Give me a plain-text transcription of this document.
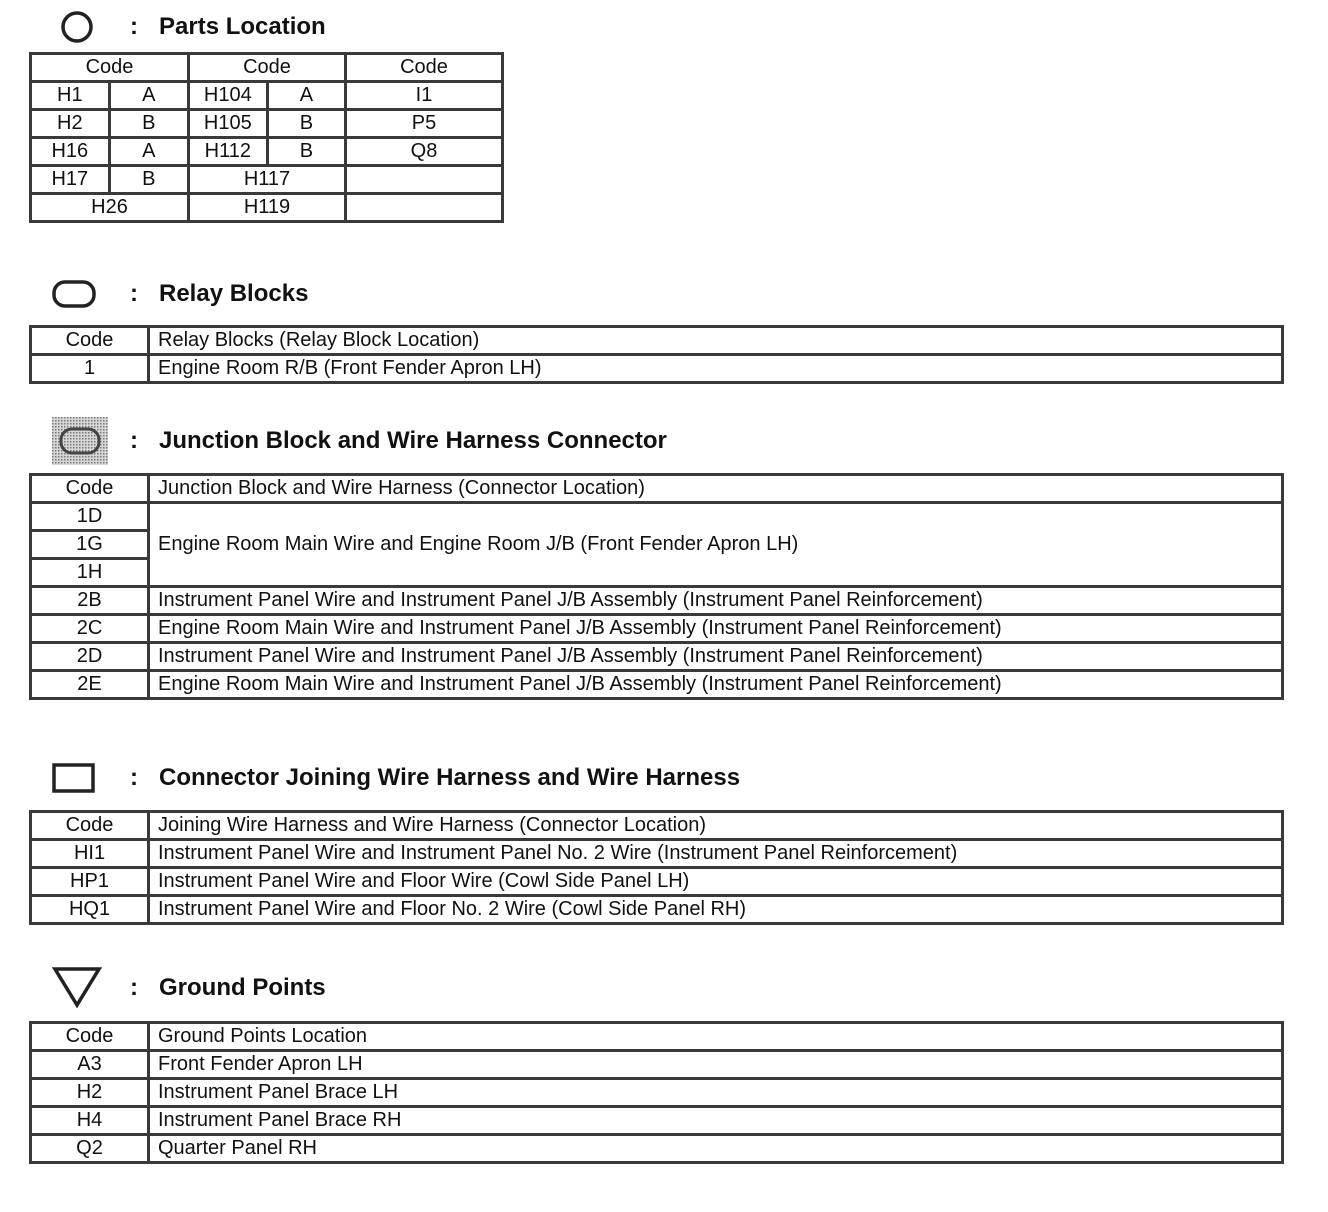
: Parts Location
Code		Code		Code
H1	A	H104	A	I1
H2	B	H105	B	P5
H16	A	H112	B	Q8
H17	B	H117		
H26		H119		
: Relay Blocks
Code	Relay Blocks (Relay Block Location)
1	Engine Room R/B (Front Fender Apron LH)
: Junction Block and Wire Harness Connector
Code	Junction Block and Wire Harness (Connector Location)
1D	Engine Room Main Wire and Engine Room J/B (Front Fender Apron LH)
1G	
1H	
2B	Instrument Panel Wire and Instrument Panel J/B Assembly (Instrument Panel Reinforcement)
2C	Engine Room Main Wire and Instrument Panel J/B Assembly (Instrument Panel Reinforcement)
2D	Instrument Panel Wire and Instrument Panel J/B Assembly (Instrument Panel Reinforcement)
2E	Engine Room Main Wire and Instrument Panel J/B Assembly (Instrument Panel Reinforcement)
: Connector Joining Wire Harness and Wire Harness
Code	Joining Wire Harness and Wire Harness (Connector Location)
HI1	Instrument Panel Wire and Instrument Panel No. 2 Wire (Instrument Panel Reinforcement)
HP1	Instrument Panel Wire and Floor Wire (Cowl Side Panel LH)
HQ1	Instrument Panel Wire and Floor No. 2 Wire (Cowl Side Panel RH)
: Ground Points
Code	Ground Points Location
A3	Front Fender Apron LH
H2	Instrument Panel Brace LH
H4	Instrument Panel Brace RH
Q2	Quarter Panel RH
